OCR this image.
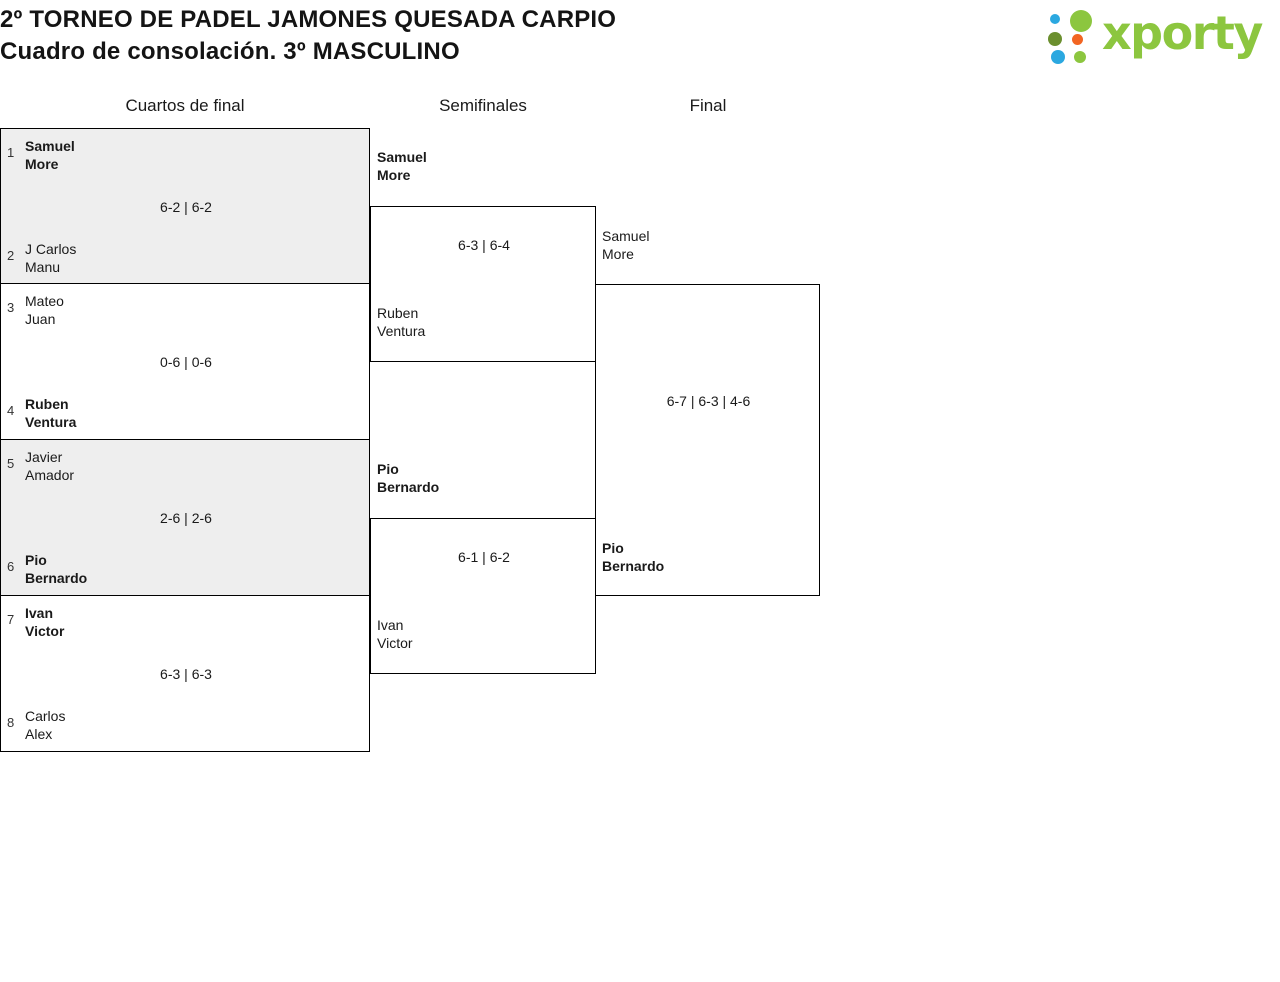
2º TORNEO DE PADEL JAMONES QUESADA CARPIO
Cuadro de consolación. 3º MASCULINO	xporty
Cuartos de final	Semifinales	Final
1 Samuel
More
6-2 | 6-2
2 J Carlos
Manu
3 Mateo
Juan
0-6 | 0-6
4 Ruben
Ventura
5 Javier
Amador
2-6 | 2-6
6 Pio
Bernardo
7 Ivan
Victor
6-3 | 6-3
8 Carlos
Alex
6-3 | 6-4
Samuel
More
Ruben
Ventura
6-1 | 6-2
Pio
Bernardo
Ivan
Victor
6-7 | 6-3 | 4-6
Samuel
More
Pio
Bernardo
